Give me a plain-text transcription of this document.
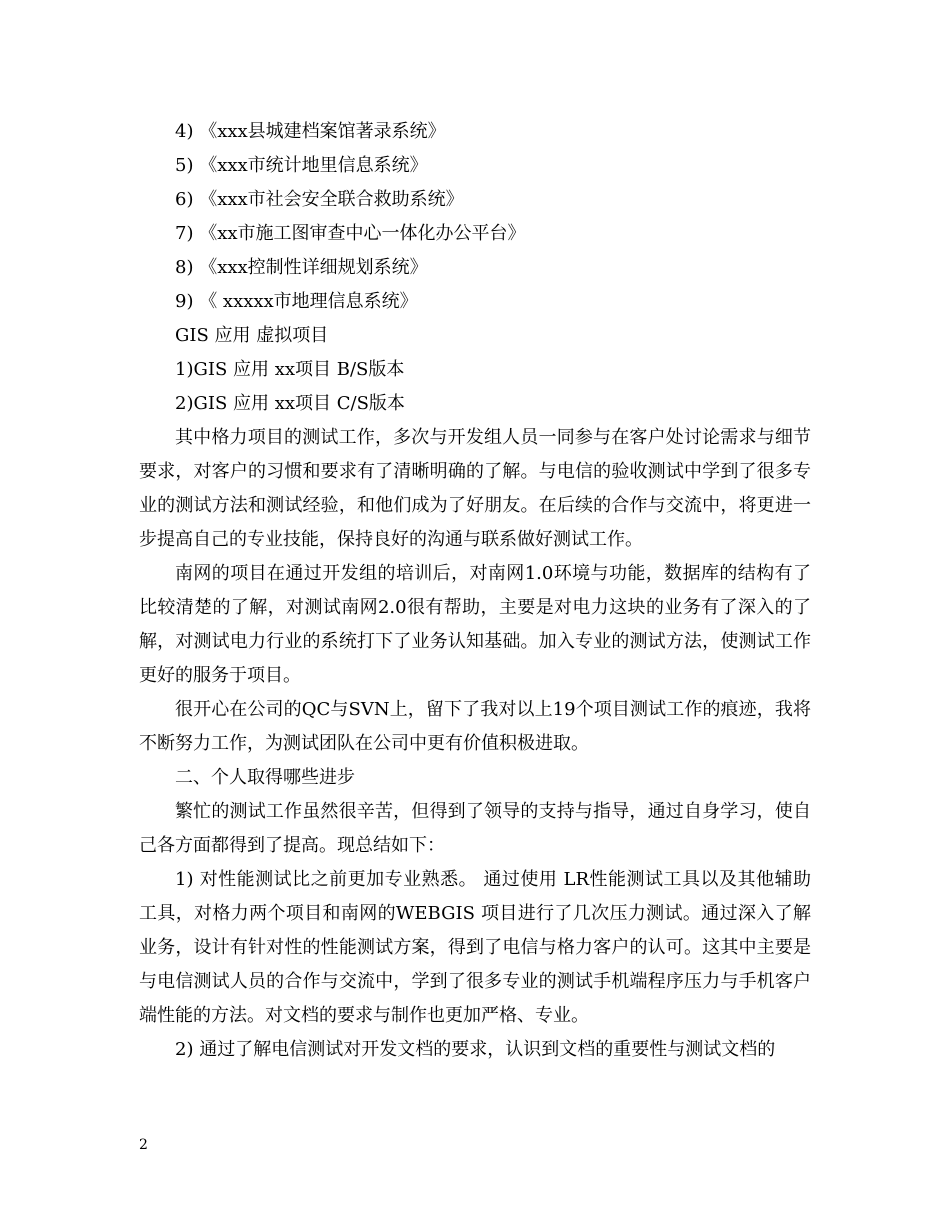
4) 《xxx县城建档案馆著录系统》
5) 《xxx市统计地里信息系统》
6) 《xxx市社会安全联合救助系统》
7) 《xx市施工图审查中心一体化办公平台》
8) 《xxx控制性详细规划系统》
9) 《 xxxxx市地理信息系统》
GIS 应用 虚拟项目
1)GIS 应用 xx项目 B/S版本
2)GIS 应用 xx项目 C/S版本

其中格力项目的测试工作，多次与开发组人员一同参与在客户处讨论需求与细节要求，对客户的习惯和要求有了清晰明确的了解。与电信的验收测试中学到了很多专业的测试方法和测试经验，和他们成为了好朋友。在后续的合作与交流中，将更进一步提高自己的专业技能，保持良好的沟通与联系做好测试工作。

南网的项目在通过开发组的培训后，对南网1.0环境与功能，数据库的结构有了比较清楚的了解，对测试南网2.0很有帮助，主要是对电力这块的业务有了深入的了解，对测试电力行业的系统打下了业务认知基础。加入专业的测试方法，使测试工作更好的服务于项目。

很开心在公司的QC与SVN上，留下了我对以上19个项目测试工作的痕迹，我将不断努力工作，为测试团队在公司中更有价值积极进取。

二、个人取得哪些进步

繁忙的测试工作虽然很辛苦，但得到了领导的支持与指导，通过自身学习，使自己各方面都得到了提高。现总结如下：

1) 对性能测试比之前更加专业熟悉。 通过使用 LR性能测试工具以及其他辅助工具，对格力两个项目和南网的WEBGIS 项目进行了几次压力测试。通过深入了解业务，设计有针对性的性能测试方案，得到了电信与格力客户的认可。这其中主要是与电信测试人员的合作与交流中，学到了很多专业的测试手机端程序压力与手机客户端性能的方法。对文档的要求与制作也更加严格、专业。

2) 通过了解电信测试对开发文档的要求，认识到文档的重要性与测试文档的

2
